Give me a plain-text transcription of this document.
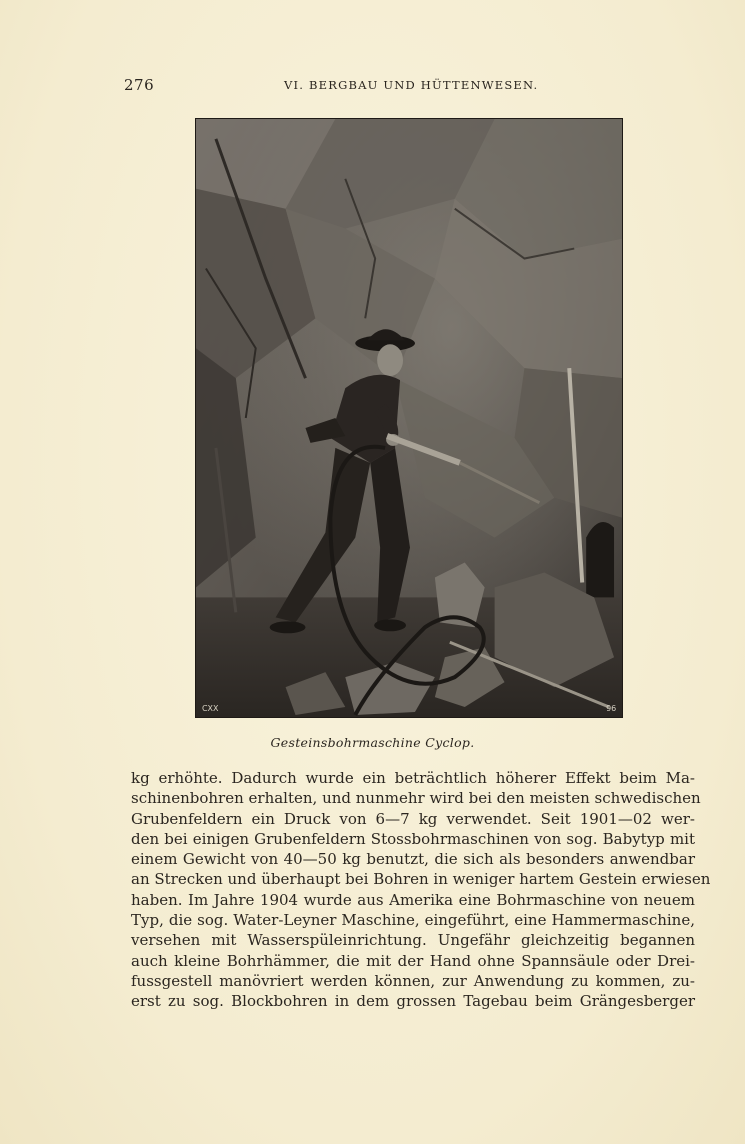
276	VI. BERGBAU UND HÜTTENWESEN.
CXX	96
Gesteinsbohrmaschine Cyclop.
kg erhöhte. Dadurch wurde ein beträchtlich höherer Effekt beim Ma-
schinenbohren erhalten, und nunmehr wird bei den meisten schwedischen
Grubenfeldern ein Druck von 6—7 kg verwendet. Seit 1901—02 wer-
den bei einigen Grubenfeldern Stossbohrmaschinen von sog. Babytyp mit
einem Gewicht von 40—50 kg benutzt, die sich als besonders anwendbar
an Strecken und überhaupt bei Bohren in weniger hartem Gestein erwiesen
haben. Im Jahre 1904 wurde aus Amerika eine Bohrmaschine von neuem
Typ, die sog. Water-Leyner Maschine, eingeführt, eine Hammermaschine,
versehen mit Wasserspüleinrichtung. Ungefähr gleichzeitig begannen
auch kleine Bohrhämmer, die mit der Hand ohne Spannsäule oder Drei-
fussgestell manövriert werden können, zur Anwendung zu kommen, zu-
erst zu sog. Blockbohren in dem grossen Tagebau beim Grängesberger
